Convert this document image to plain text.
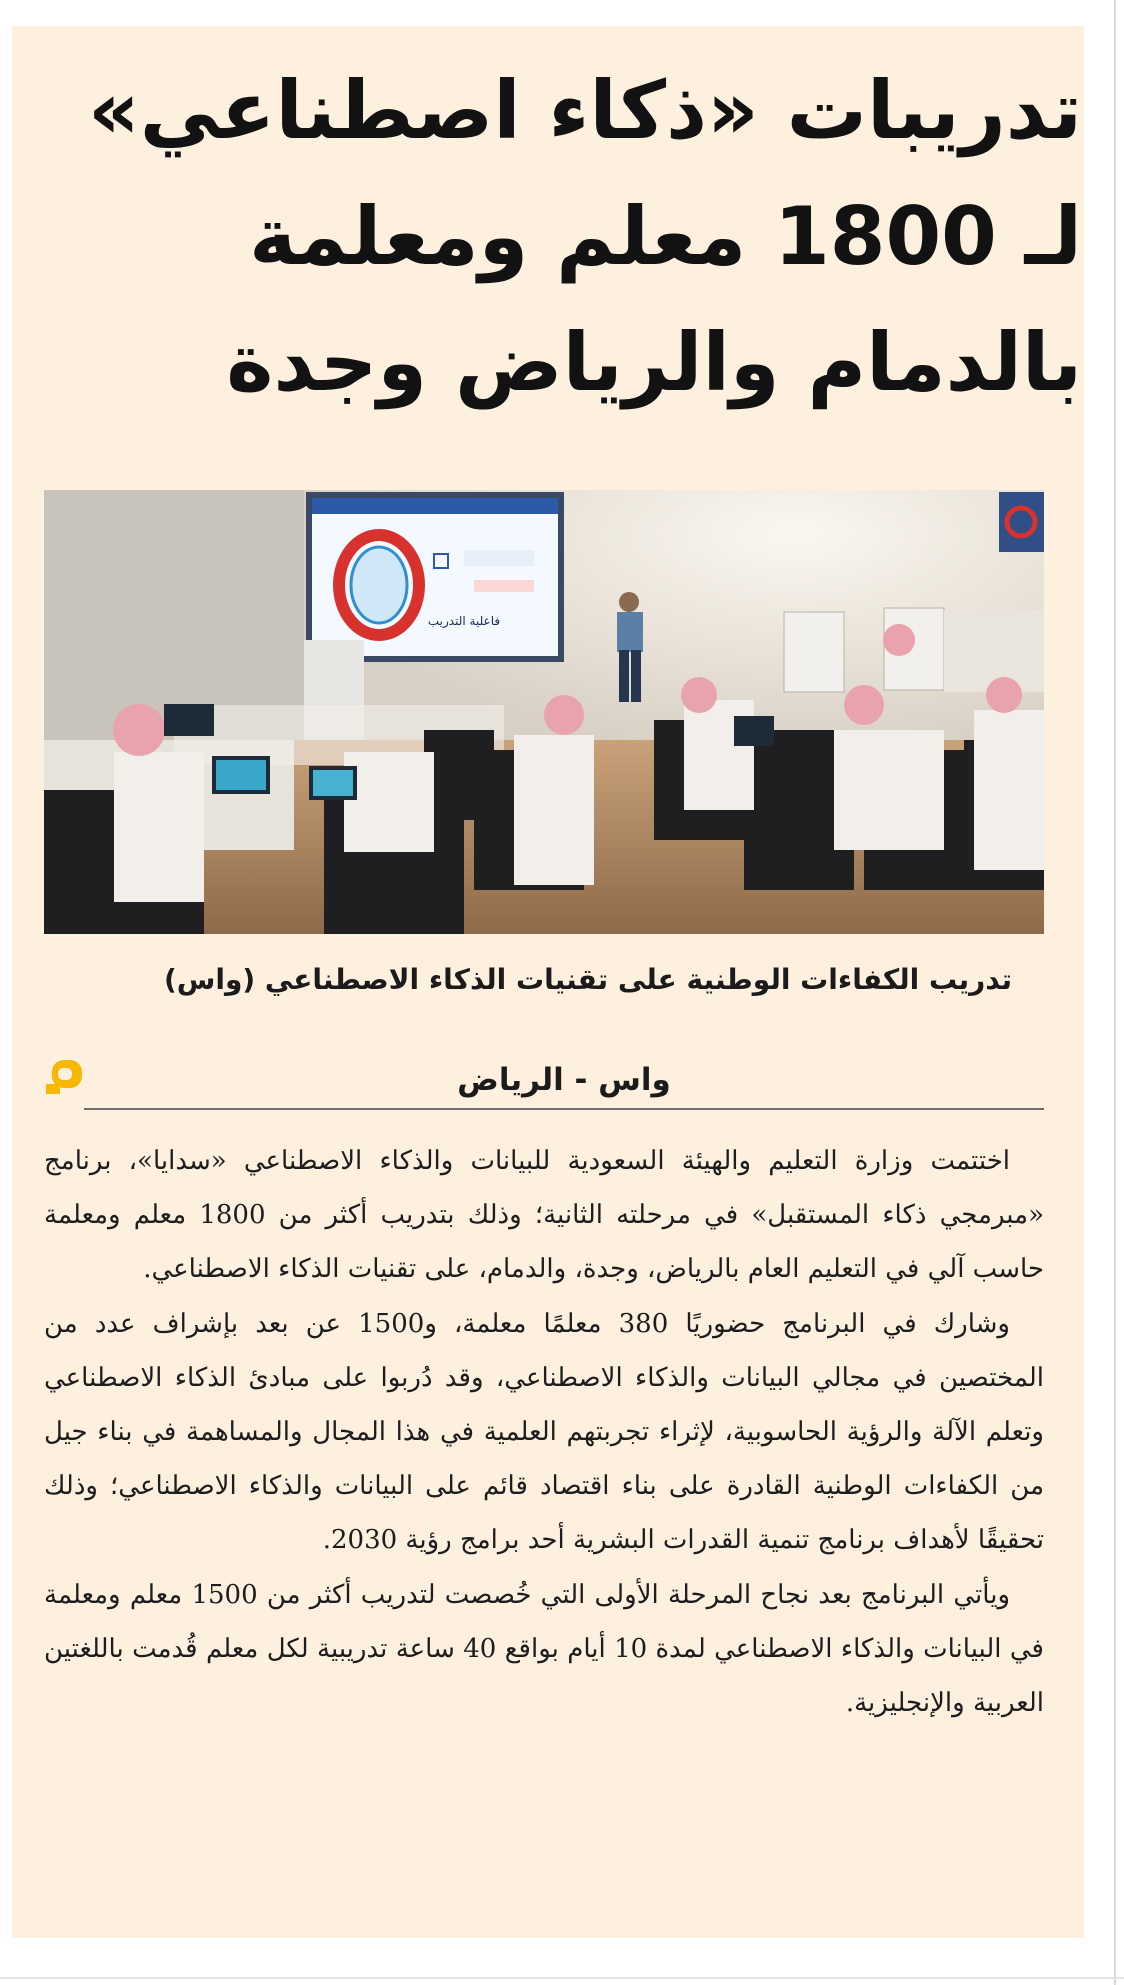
تدريبات «ذكاء اصطناعي»
لـ 1800 معلم ومعلمة
بالدمام والرياض وجدة
فاعلية التدريب

تدريب الكفاءات الوطنية على تقنيات الذكاء الاصطناعي (واس)

واس - الرياض

اختتمت وزارة التعليم والهيئة السعودية للبيانات والذكاء الاصطناعي «سدايا»، برنامج «مبرمجي ذكاء المستقبل» في مرحلته الثانية؛ وذلك بتدريب أكثر من 1800 معلم ومعلمة حاسب آلي في التعليم العام بالرياض، وجدة، والدمام، على تقنيات الذكاء الاصطناعي.

وشارك في البرنامج حضوريًا 380 معلمًا معلمة، و1500 عن بعد بإشراف عدد من المختصين في مجالي البيانات والذكاء الاصطناعي، وقد دُربوا على مبادئ الذكاء الاصطناعي وتعلم الآلة والرؤية الحاسوبية، لإثراء تجربتهم العلمية في هذا المجال والمساهمة في بناء جيل من الكفاءات الوطنية القادرة على بناء اقتصاد قائم على البيانات والذكاء الاصطناعي؛ وذلك تحقيقًا لأهداف برنامج تنمية القدرات البشرية أحد برامج رؤية 2030.

ويأتي البرنامج بعد نجاح المرحلة الأولى التي خُصصت لتدريب أكثر من 1500 معلم ومعلمة في البيانات والذكاء الاصطناعي لمدة 10 أيام بواقع 40 ساعة تدريبية لكل معلم قُدمت باللغتين العربية والإنجليزية.
